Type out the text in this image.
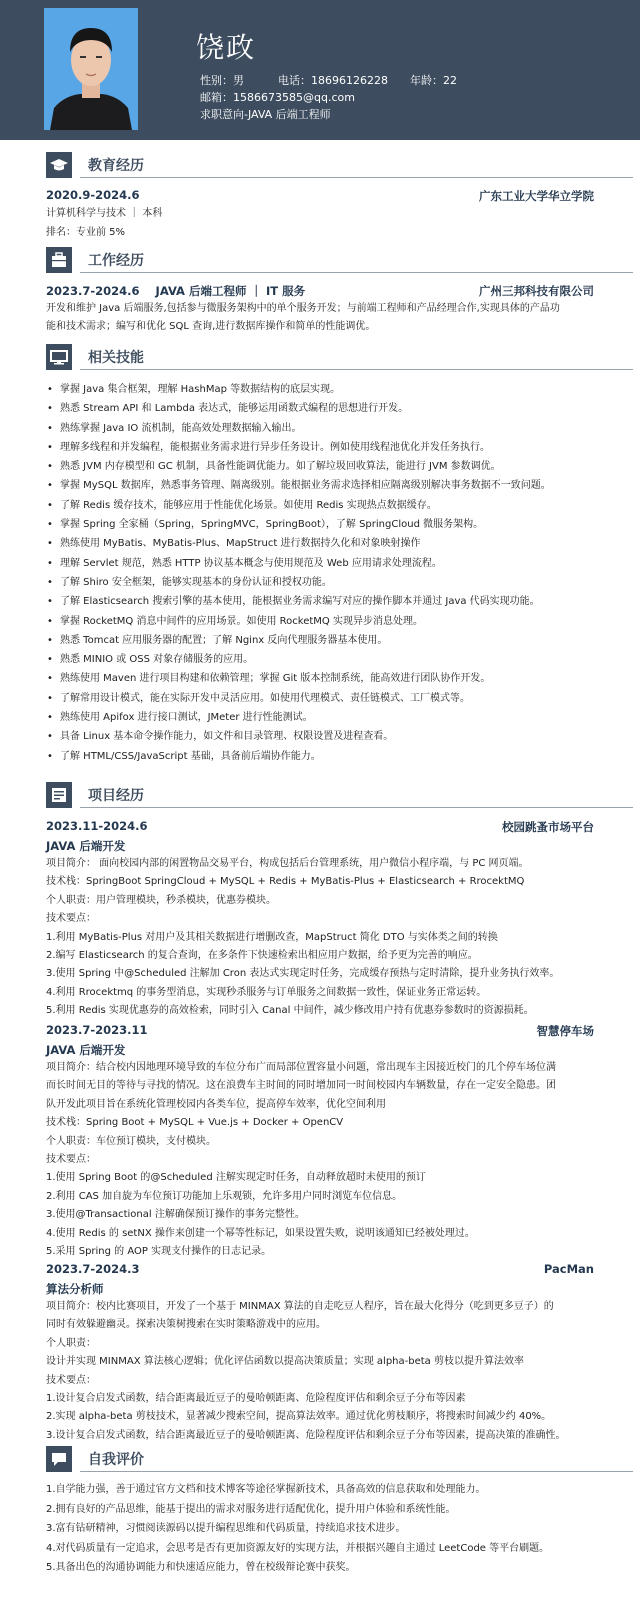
饶政
性别：男	电话：18696126228 年龄：22
邮箱：1586673585@qq.com
求职意向-JAVA 后端工程师
教育经历
2020.9-2024.6	广东工业大学华立学院
计算机科学与技术 ｜ 本科
排名：专业前 5%
工作经历
2023.7-2024.6    JAVA 后端工程师 ｜ IT 服务	广州三邦科技有限公司
开发和维护 Java 后端服务,包括参与微服务架构中的单个服务开发；与前端工程师和产品经理合作,实现具体的产品功
能和技术需求；编写和优化 SQL 查询,进行数据库操作和简单的性能调优。
相关技能
• 掌握 Java 集合框架，理解 HashMap 等数据结构的底层实现。
• 熟悉 Stream API 和 Lambda 表达式，能够运用函数式编程的思想进行开发。
• 熟练掌握 Java IO 流机制，能高效处理数据输入输出。
• 理解多线程和并发编程，能根据业务需求进行异步任务设计。例如使用线程池优化并发任务执行。
• 熟悉 JVM 内存模型和 GC 机制，具备性能调优能力。如了解垃圾回收算法，能进行 JVM 参数调优。
• 掌握 MySQL 数据库，熟悉事务管理、隔离级别。能根据业务需求选择相应隔离级别解决事务数据不一致问题。
• 了解 Redis 缓存技术，能够应用于性能优化场景。如使用 Redis 实现热点数据缓存。
• 掌握 Spring 全家桶（Spring，SpringMVC，SpringBoot），了解 SpringCloud 微服务架构。
• 熟练使用 MyBatis、MyBatis-Plus、MapStruct 进行数据持久化和对象映射操作
• 理解 Servlet 规范，熟悉 HTTP 协议基本概念与使用规范及 Web 应用请求处理流程。
• 了解 Shiro 安全框架，能够实现基本的身份认证和授权功能。
• 了解 Elasticsearch 搜索引擎的基本使用，能根据业务需求编写对应的操作脚本并通过 Java 代码实现功能。
• 掌握 RocketMQ 消息中间件的应用场景。如使用 RocketMQ 实现异步消息处理。
• 熟悉 Tomcat 应用服务器的配置；了解 Nginx 反向代理服务器基本使用。
• 熟悉 MINIO 或 OSS 对象存储服务的应用。
• 熟练使用 Maven 进行项目构建和依赖管理；掌握 Git 版本控制系统，能高效进行团队协作开发。
• 了解常用设计模式，能在实际开发中灵活应用。如使用代理模式、责任链模式、工厂模式等。
• 熟练使用 Apifox 进行接口测试，JMeter 进行性能测试。
• 具备 Linux 基本命令操作能力，如文件和目录管理、权限设置及进程查看。
• 了解 HTML/CSS/JavaScript 基础，具备前后端协作能力。
项目经历
2023.11-2024.6	校园跳蚤市场平台
JAVA 后端开发
项目简介： 面向校园内部的闲置物品交易平台，构成包括后台管理系统，用户微信小程序端，与 PC 网页端。
技术栈：SpringBoot SpringCloud + MySQL + Redis + MyBatis-Plus + Elasticsearch + RrocektMQ
个人职责：用户管理模块，秒杀模块，优惠券模块。
技术要点：
1.利用 MyBatis-Plus 对用户及其相关数据进行增删改查，MapStruct 简化 DTO 与实体类之间的转换
2.编写 Elasticsearch 的复合查询，在多条件下快速检索出相应用户数据，给予更为完善的响应。
3.使用 Spring 中@Scheduled 注解加 Cron 表达式实现定时任务，完成缓存预热与定时清除，提升业务执行效率。
4.利用 Rrocektmq 的事务型消息，实现秒杀服务与订单服务之间数据一致性，保证业务正常运转。
5.利用 Redis 实现优惠券的高效检索，同时引入 Canal 中间件，减少修改用户持有优惠券参数时的资源损耗。
2023.7-2023.11	智慧停车场
JAVA 后端开发
项目简介：结合校内因地理环境导致的车位分布广而局部位置容量小问题，常出现车主因接近校门的几个停车场位满
而长时间无目的等待与寻找的情况。这在浪费车主时间的同时增加同一时间校园内车辆数量，存在一定安全隐患。团
队开发此项目旨在系统化管理校园内各类车位，提高停车效率，优化空间利用
技术栈：Spring Boot + MySQL + Vue.js + Docker + OpenCV
个人职责：车位预订模块，支付模块。
技术要点：
1.使用 Spring Boot 的@Scheduled 注解实现定时任务，自动释放超时未使用的预订
2.利用 CAS 加自旋为车位预订功能加上乐观锁，允许多用户同时浏览车位信息。
3.使用@Transactional 注解确保预订操作的事务完整性。
4.使用 Redis 的 setNX 操作来创建一个幂等性标记，如果设置失败，说明该通知已经被处理过。
5.采用 Spring 的 AOP 实现支付操作的日志记录。
2023.7-2024.3	PacMan
算法分析师
项目简介：校内比赛项目，开发了一个基于 MINMAX 算法的自走吃豆人程序，旨在最大化得分（吃到更多豆子）的
同时有效躲避幽灵。探索决策树搜索在实时策略游戏中的应用。
个人职责：
设计并实现 MINMAX 算法核心逻辑；优化评估函数以提高决策质量；实现 alpha-beta 剪枝以提升算法效率
技术要点：
1.设计复合启发式函数，结合距离最近豆子的曼哈顿距离、危险程度评估和剩余豆子分布等因素
2.实现 alpha-beta 剪枝技术，显著减少搜索空间，提高算法效率。通过优化剪枝顺序，将搜索时间减少约 40%。
3.设计复合启发式函数，结合距离最近豆子的曼哈顿距离、危险程度评估和剩余豆子分布等因素，提高决策的准确性。
自我评价
1.自学能力强，善于通过官方文档和技术博客等途径掌握新技术，具备高效的信息获取和处理能力。
2.拥有良好的产品思维，能基于提出的需求对服务进行适配优化，提升用户体验和系统性能。
3.富有钻研精神，习惯阅读源码以提升编程思维和代码质量，持续追求技术进步。
4.对代码质量有一定追求，会思考是否有更加资源友好的实现方法，并根据兴趣自主通过 LeetCode 等平台刷题。
5.具备出色的沟通协调能力和快速适应能力，曾在校级辩论赛中获奖。
